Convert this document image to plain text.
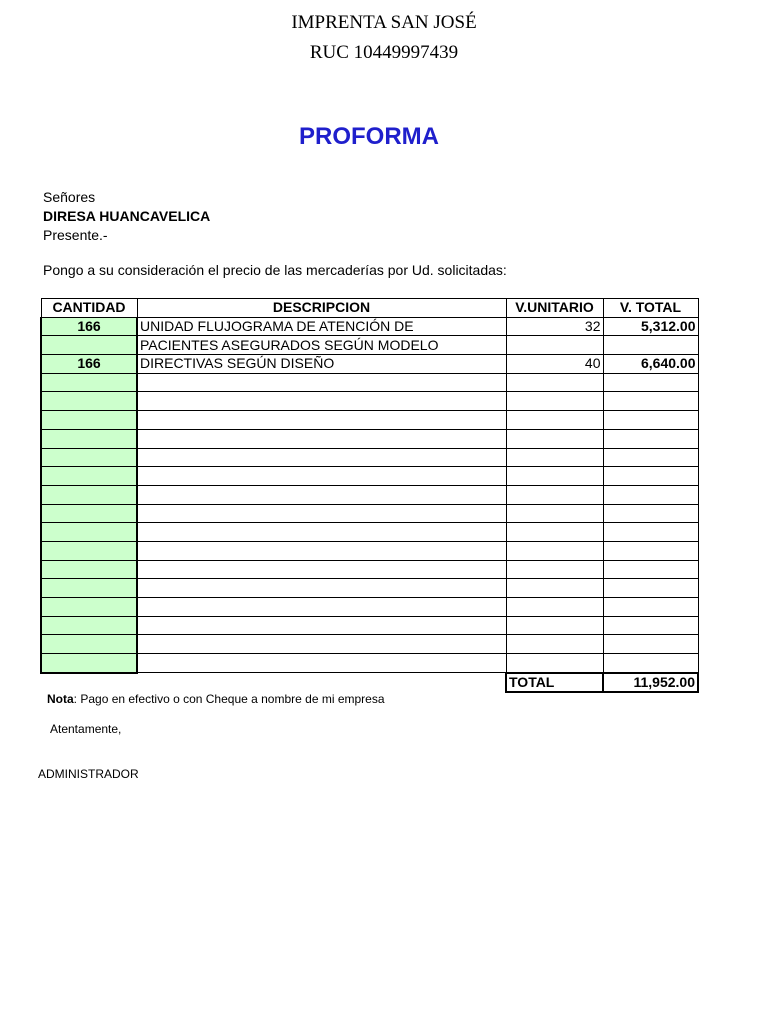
IMPRENTA SAN JOSÉ
RUC 10449997439
PROFORMA
Señores
DIRESA HUANCAVELICA
Presente.-
Pongo a su consideración el precio de las mercaderías por Ud. solicitadas:
CANTIDAD	DESCRIPCION	V.UNITARIO	V. TOTAL
166	UNIDAD FLUJOGRAMA DE ATENCIÓN DE	32	5,312.00
	PACIENTES ASEGURADOS SEGÚN MODELO		
166	DIRECTIVAS SEGÚN DISEÑO	40	6,640.00

		TOTAL	11,952.00
Nota: Pago en efectivo o con Cheque a nombre de mi empresa
Atentamente,
ADMINISTRADOR
